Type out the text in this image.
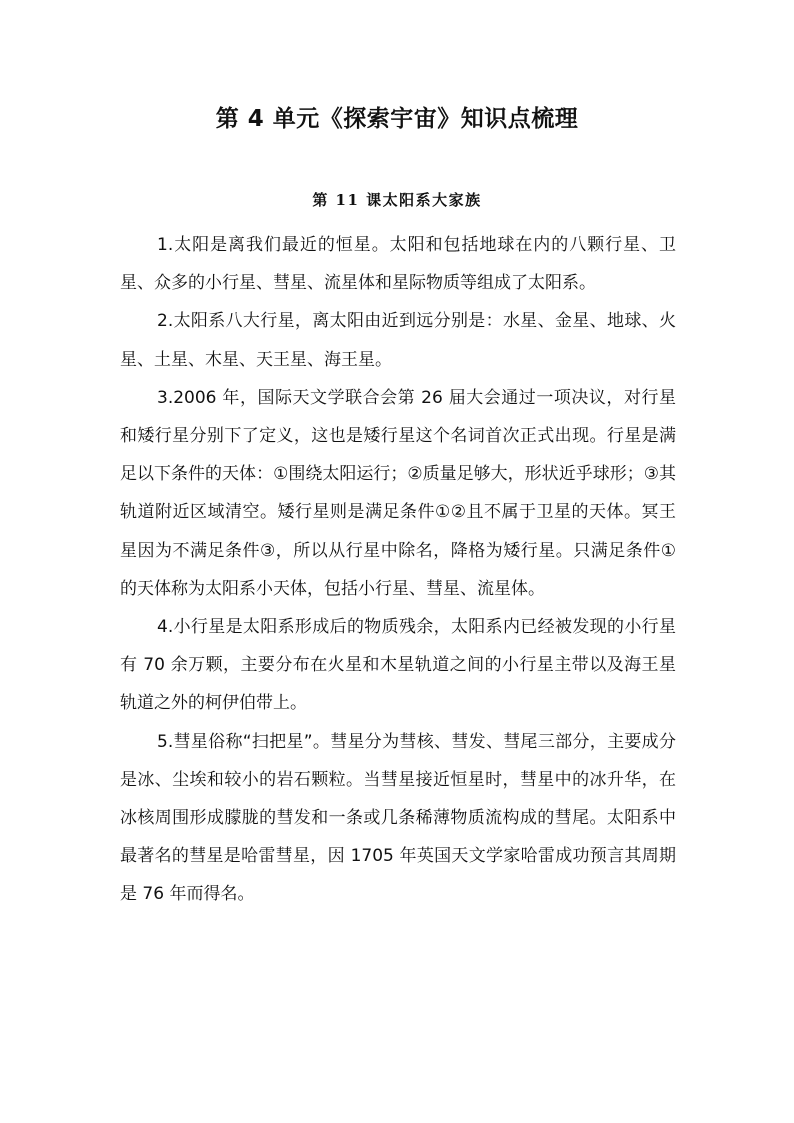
第 4 单元《探索宇宙》知识点梳理
第 11 课太阳系大家族

1.太阳是离我们最近的恒星。太阳和包括地球在内的八颗行星、卫星、众多的小行星、彗星、流星体和星际物质等组成了太阳系。

2.太阳系八大行星，离太阳由近到远分别是：水星、金星、地球、火星、土星、木星、天王星、海王星。

3.2006 年，国际天文学联合会第 26 届大会通过一项决议，对行星和矮行星分别下了定义，这也是矮行星这个名词首次正式出现。行星是满足以下条件的天体：①围绕太阳运行；②质量足够大，形状近乎球形；③其轨道附近区域清空。矮行星则是满足条件①②且不属于卫星的天体。冥王星因为不满足条件③，所以从行星中除名，降格为矮行星。只满足条件①的天体称为太阳系小天体，包括小行星、彗星、流星体。

4.小行星是太阳系形成后的物质残余，太阳系内已经被发现的小行星有 70 余万颗，主要分布在火星和木星轨道之间的小行星主带以及海王星轨道之外的柯伊伯带上。

5.彗星俗称“扫把星”。彗星分为彗核、彗发、彗尾三部分，主要成分是冰、尘埃和较小的岩石颗粒。当彗星接近恒星时，彗星中的冰升华，在冰核周围形成朦胧的彗发和一条或几条稀薄物质流构成的彗尾。太阳系中最著名的彗星是哈雷彗星，因 1705 年英国天文学家哈雷成功预言其周期是 76 年而得名。
